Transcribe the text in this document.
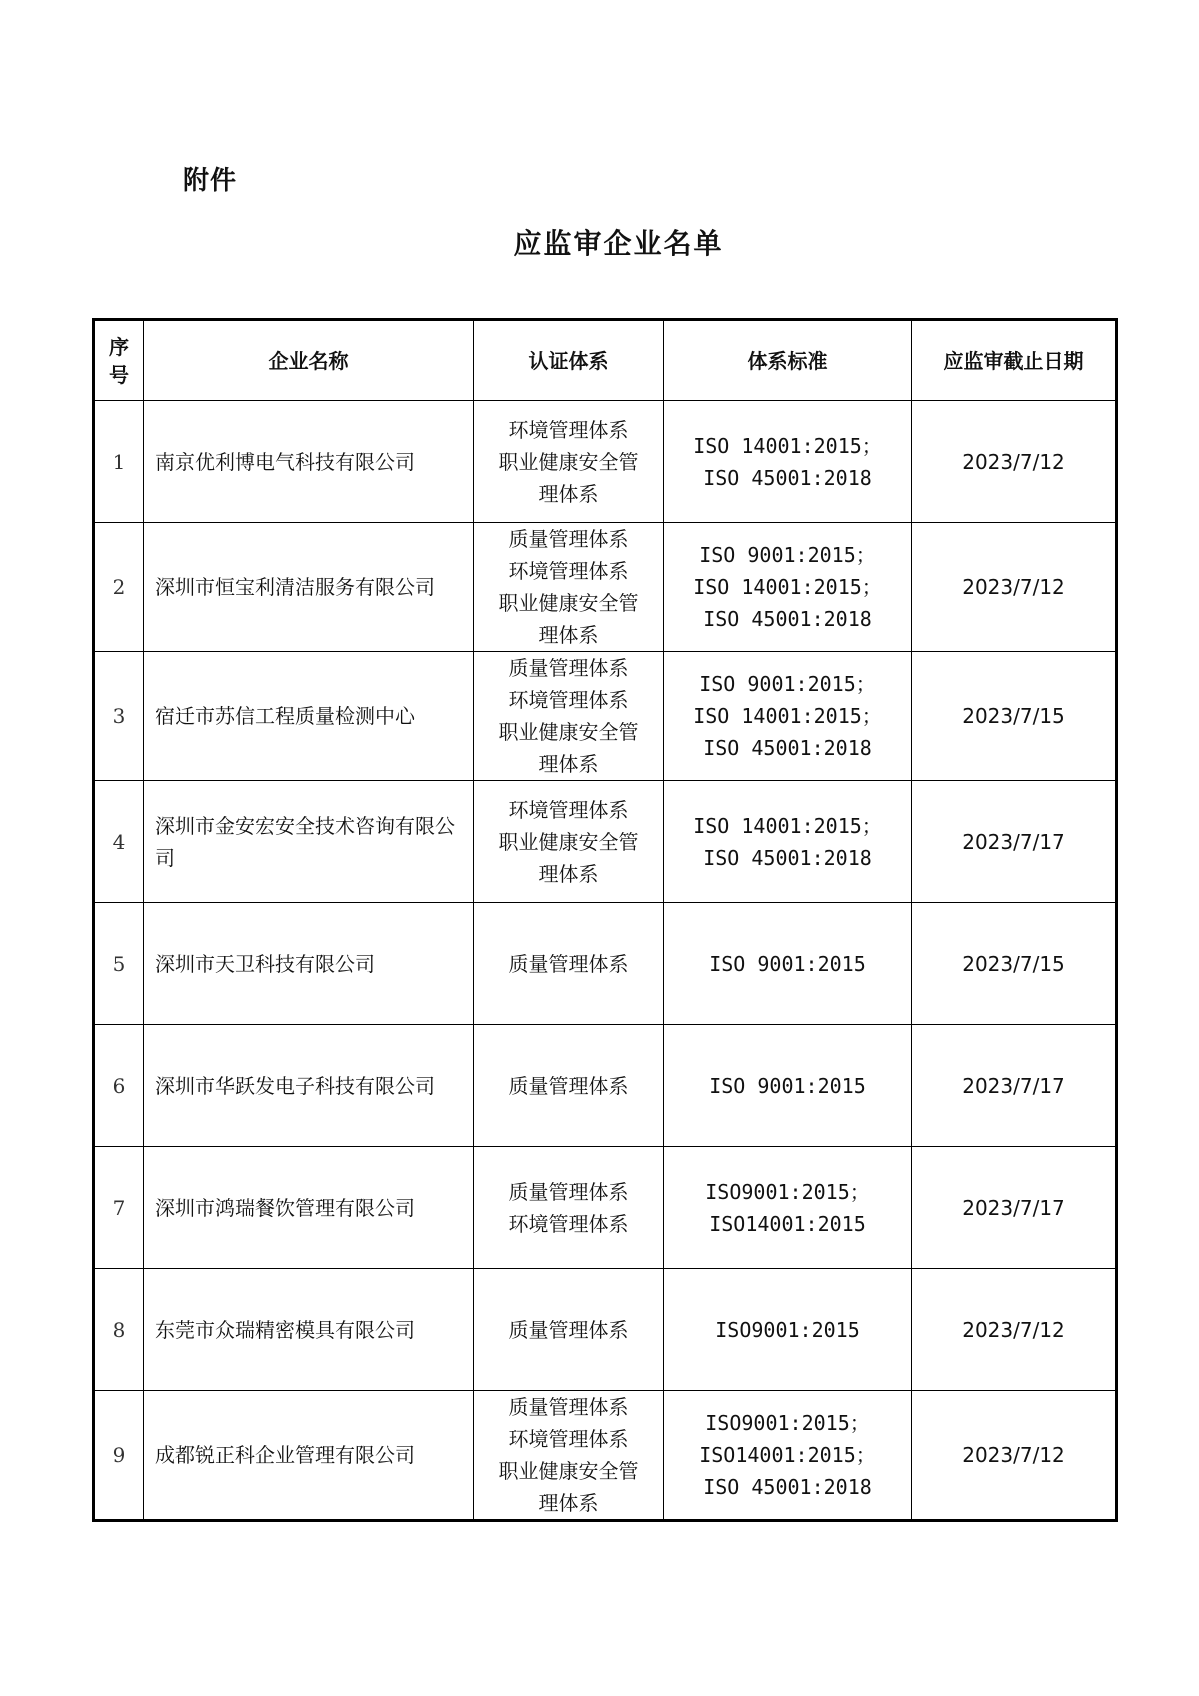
附件
应监审企业名单
序
号	企业名称	认证体系	体系标准	应监审截止日期
1	南京优利博电气科技有限公司	环境管理体系
职业健康安全管
理体系	ISO 14001:2015；
ISO 45001:2018	2023/7/12
2	深圳市恒宝利清洁服务有限公司	质量管理体系
环境管理体系
职业健康安全管
理体系	ISO 9001:2015；
ISO 14001:2015；
ISO 45001:2018	2023/7/12
3	宿迁市苏信工程质量检测中心	质量管理体系
环境管理体系
职业健康安全管
理体系	ISO 9001:2015；
ISO 14001:2015；
ISO 45001:2018	2023/7/15
4	深圳市金安宏安全技术咨询有限公司	环境管理体系
职业健康安全管
理体系	ISO 14001:2015；
ISO 45001:2018	2023/7/17
5	深圳市天卫科技有限公司	质量管理体系	ISO 9001:2015	2023/7/15
6	深圳市华跃发电子科技有限公司	质量管理体系	ISO 9001:2015	2023/7/17
7	深圳市鸿瑞餐饮管理有限公司	质量管理体系
环境管理体系	ISO9001:2015；
ISO14001:2015	2023/7/17
8	东莞市众瑞精密模具有限公司	质量管理体系	ISO9001:2015	2023/7/12
9	成都锐正科企业管理有限公司	质量管理体系
环境管理体系
职业健康安全管
理体系	ISO9001:2015；
ISO14001:2015；
ISO 45001:2018	2023/7/12
